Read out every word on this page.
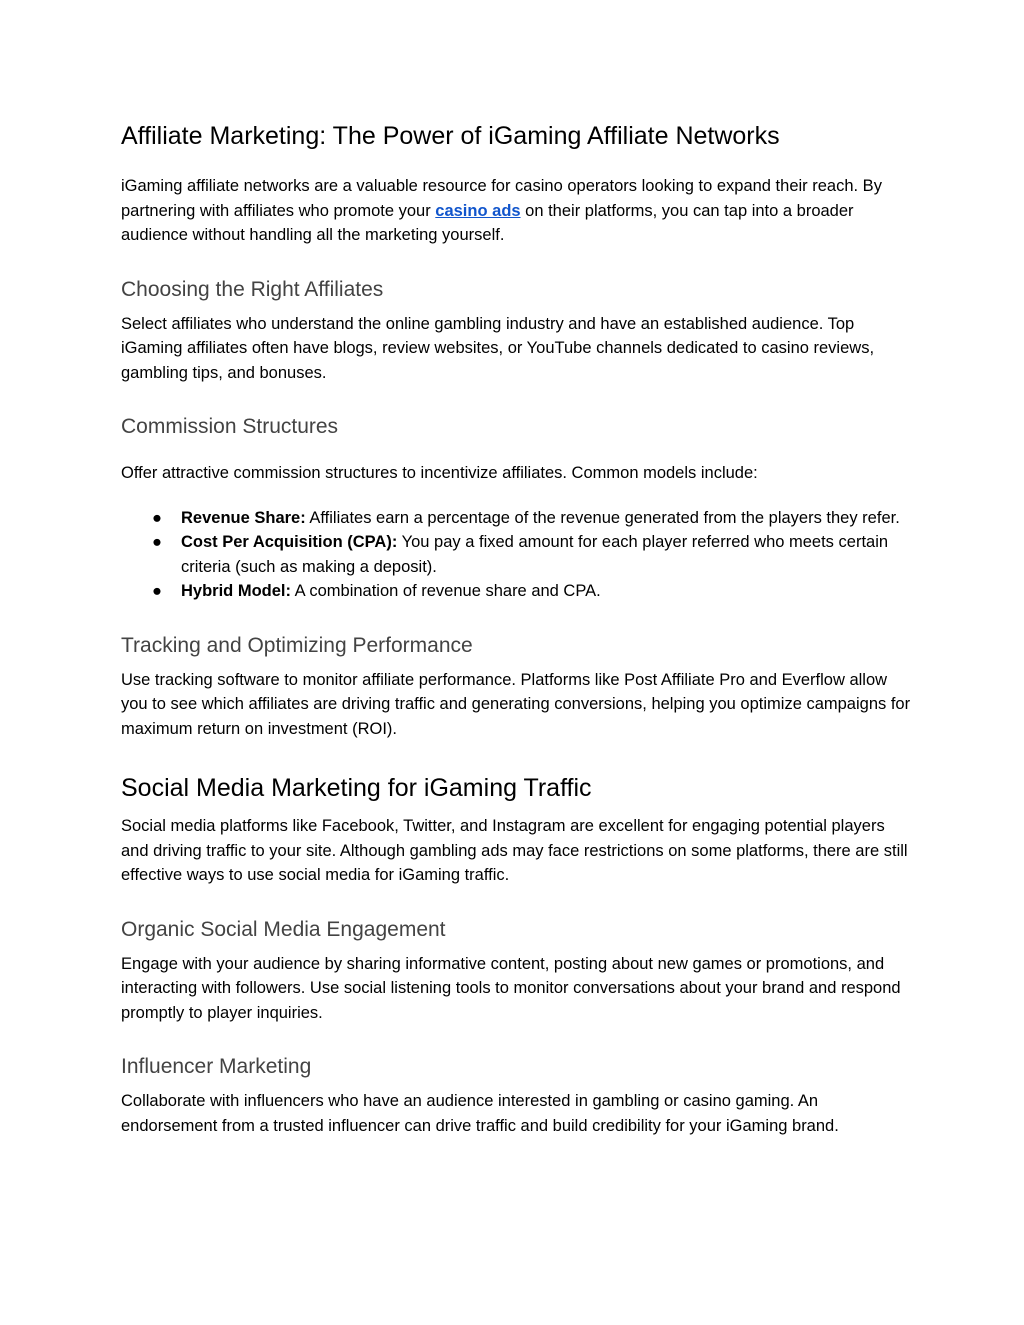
Affiliate Marketing: The Power of iGaming Affiliate Networks

iGaming affiliate networks are a valuable resource for casino operators looking to expand their reach. By partnering with affiliates who promote your casino ads on their platforms, you can tap into a broader audience without handling all the marketing yourself.

Choosing the Right Affiliates

Select affiliates who understand the online gambling industry and have an established audience. Top iGaming affiliates often have blogs, review websites, or YouTube channels dedicated to casino reviews, gambling tips, and bonuses.

Commission Structures

Offer attractive commission structures to incentivize affiliates. Common models include:

● Revenue Share: Affiliates earn a percentage of the revenue generated from the players they refer.
● Cost Per Acquisition (CPA): You pay a fixed amount for each player referred who meets certain criteria (such as making a deposit).
● Hybrid Model: A combination of revenue share and CPA.
Tracking and Optimizing Performance

Use tracking software to monitor affiliate performance. Platforms like Post Affiliate Pro and Everflow allow you to see which affiliates are driving traffic and generating conversions, helping you optimize campaigns for maximum return on investment (ROI).

Social Media Marketing for iGaming Traffic

Social media platforms like Facebook, Twitter, and Instagram are excellent for engaging potential players and driving traffic to your site. Although gambling ads may face restrictions on some platforms, there are still effective ways to use social media for iGaming traffic.

Organic Social Media Engagement

Engage with your audience by sharing informative content, posting about new games or promotions, and interacting with followers. Use social listening tools to monitor conversations about your brand and respond promptly to player inquiries.

Influencer Marketing

Collaborate with influencers who have an audience interested in gambling or casino gaming. An endorsement from a trusted influencer can drive traffic and build credibility for your iGaming brand.
